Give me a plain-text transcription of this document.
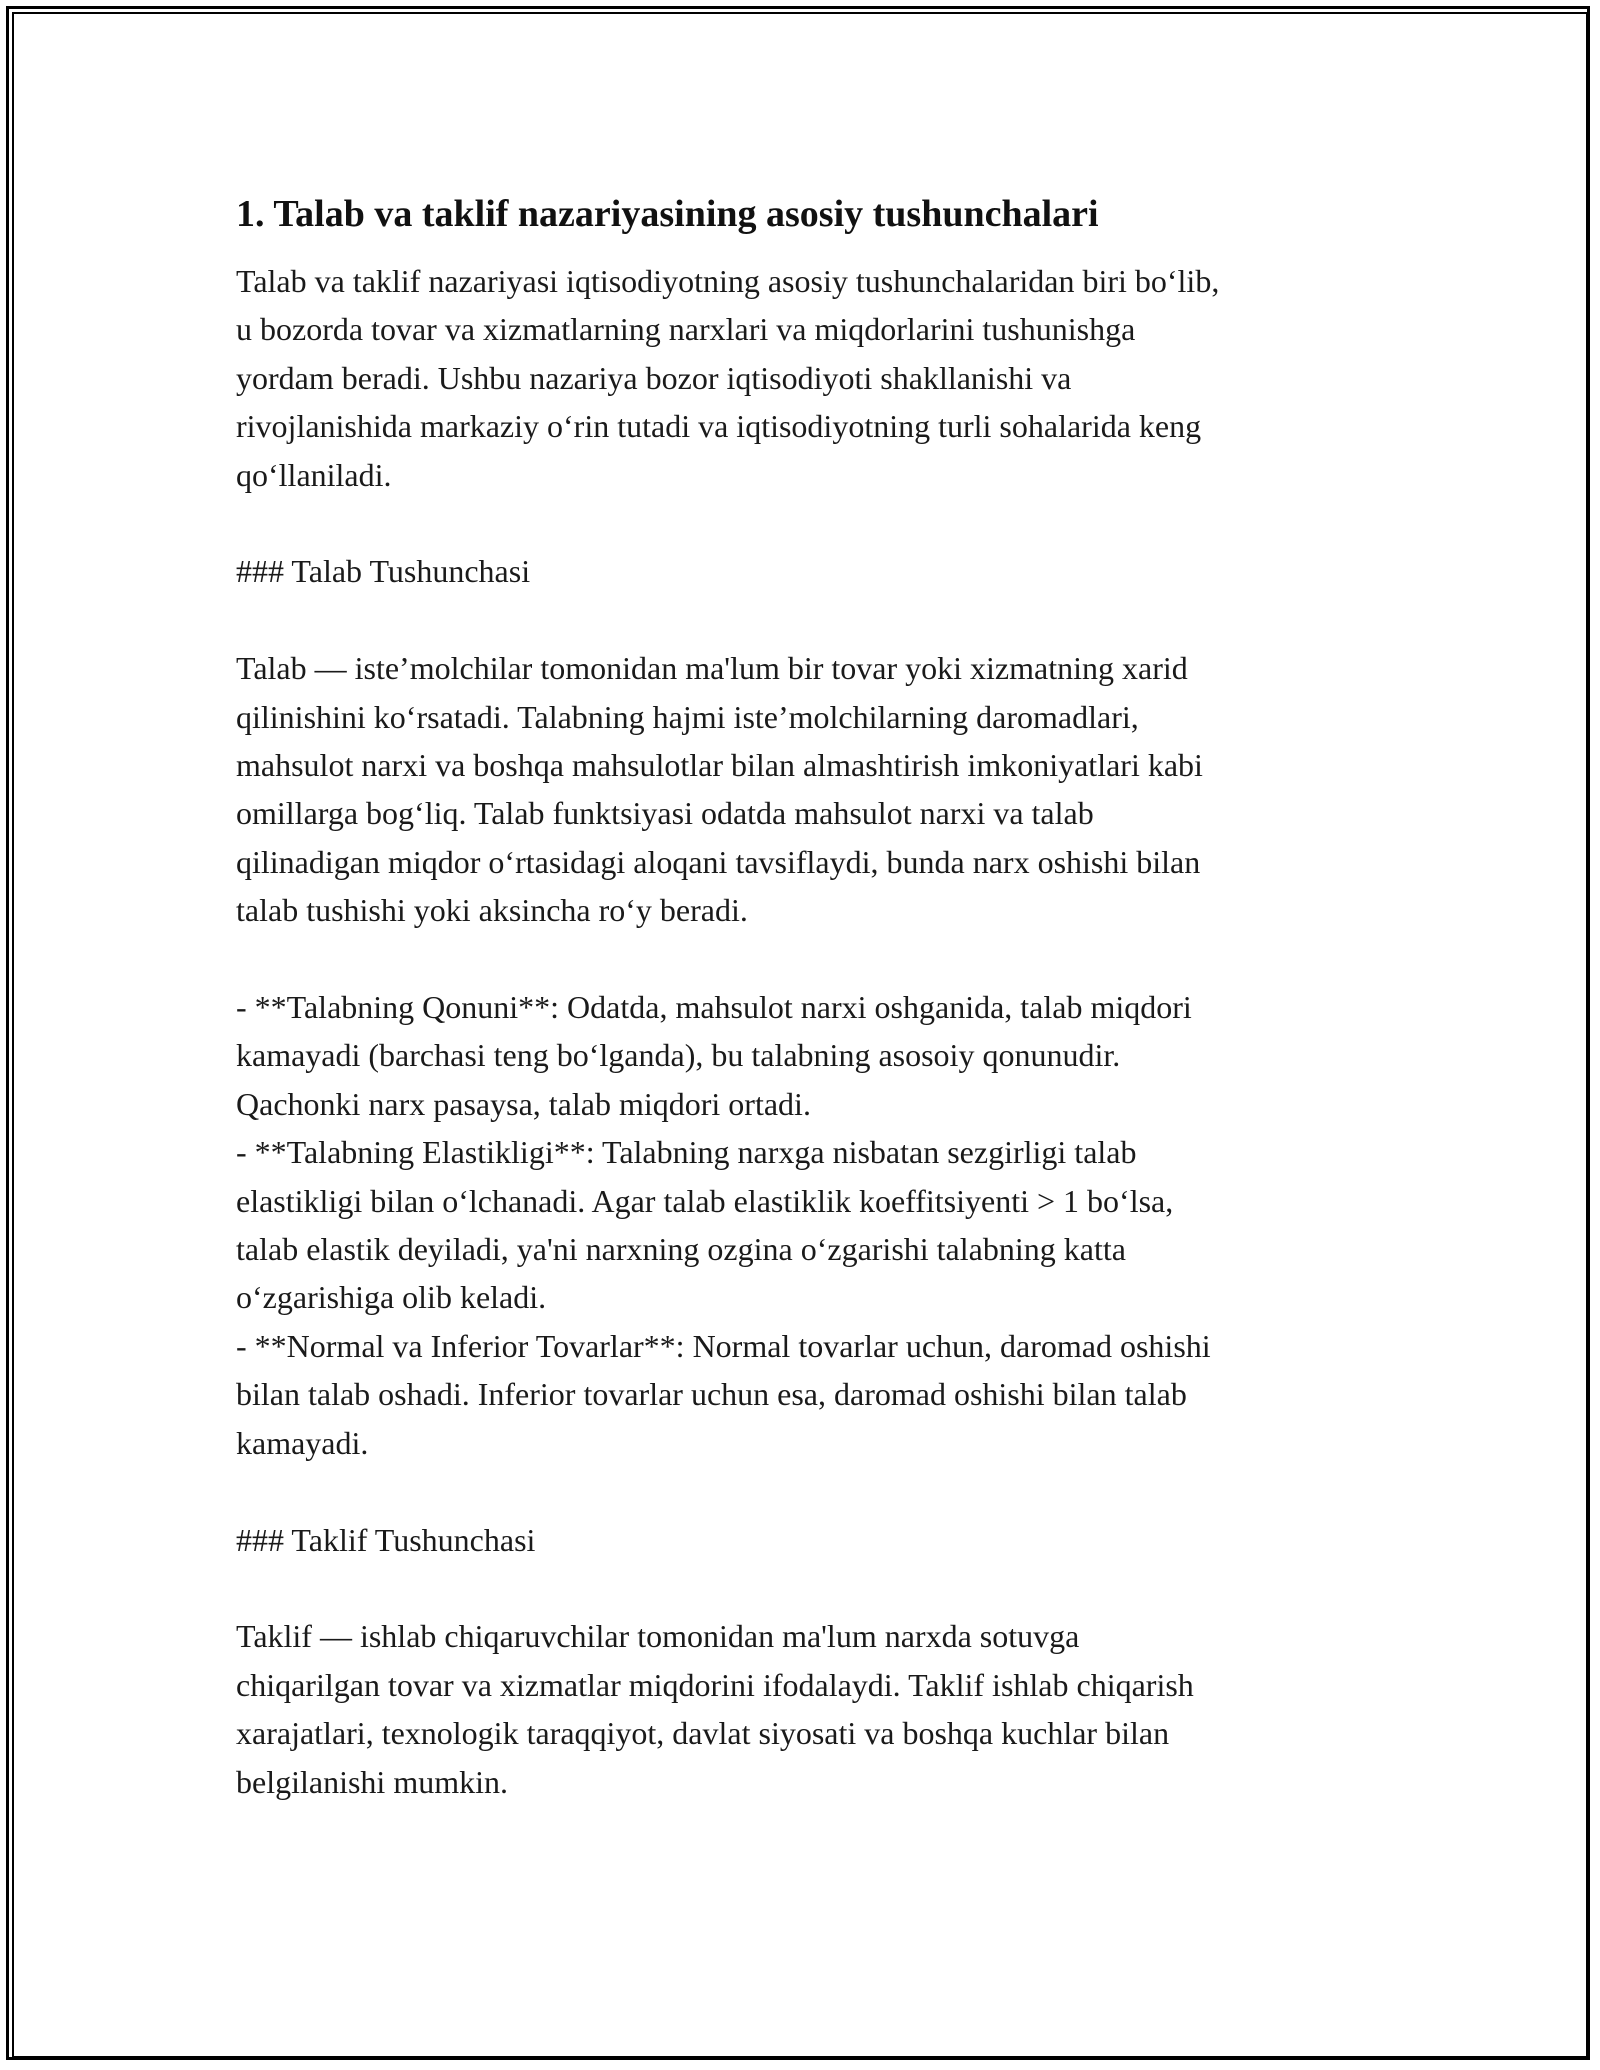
1. Talab va taklif nazariyasining asosiy tushunchalari

Talab va taklif nazariyasi iqtisodiyotning asosiy tushunchalaridan biri bo‘lib,
u bozorda tovar va xizmatlarning narxlari va miqdorlarini tushunishga
yordam beradi. Ushbu nazariya bozor iqtisodiyoti shakllanishi va
rivojlanishida markaziy o‘rin tutadi va iqtisodiyotning turli sohalarida keng
qo‘llaniladi.

### Talab Tushunchasi

Talab — iste’molchilar tomonidan ma'lum bir tovar yoki xizmatning xarid
qilinishini ko‘rsatadi. Talabning hajmi iste’molchilarning daromadlari,
mahsulot narxi va boshqa mahsulotlar bilan almashtirish imkoniyatlari kabi
omillarga bog‘liq. Talab funktsiyasi odatda mahsulot narxi va talab
qilinadigan miqdor o‘rtasidagi aloqani tavsiflaydi, bunda narx oshishi bilan
talab tushishi yoki aksincha ro‘y beradi.

- **Talabning Qonuni**: Odatda, mahsulot narxi oshganida, talab miqdori
kamayadi (barchasi teng bo‘lganda), bu talabning asosoiy qonunudir.
Qachonki narx pasaysa, talab miqdori ortadi.

- **Talabning Elastikligi**: Talabning narxga nisbatan sezgirligi talab
elastikligi bilan o‘lchanadi. Agar talab elastiklik koeffitsiyenti > 1 bo‘lsa,
talab elastik deyiladi, ya'ni narxning ozgina o‘zgarishi talabning katta
o‘zgarishiga olib keladi.

- **Normal va Inferior Tovarlar**: Normal tovarlar uchun, daromad oshishi
bilan talab oshadi. Inferior tovarlar uchun esa, daromad oshishi bilan talab
kamayadi.

### Taklif Tushunchasi

Taklif — ishlab chiqaruvchilar tomonidan ma'lum narxda sotuvga
chiqarilgan tovar va xizmatlar miqdorini ifodalaydi. Taklif ishlab chiqarish
xarajatlari, texnologik taraqqiyot, davlat siyosati va boshqa kuchlar bilan
belgilanishi mumkin.
